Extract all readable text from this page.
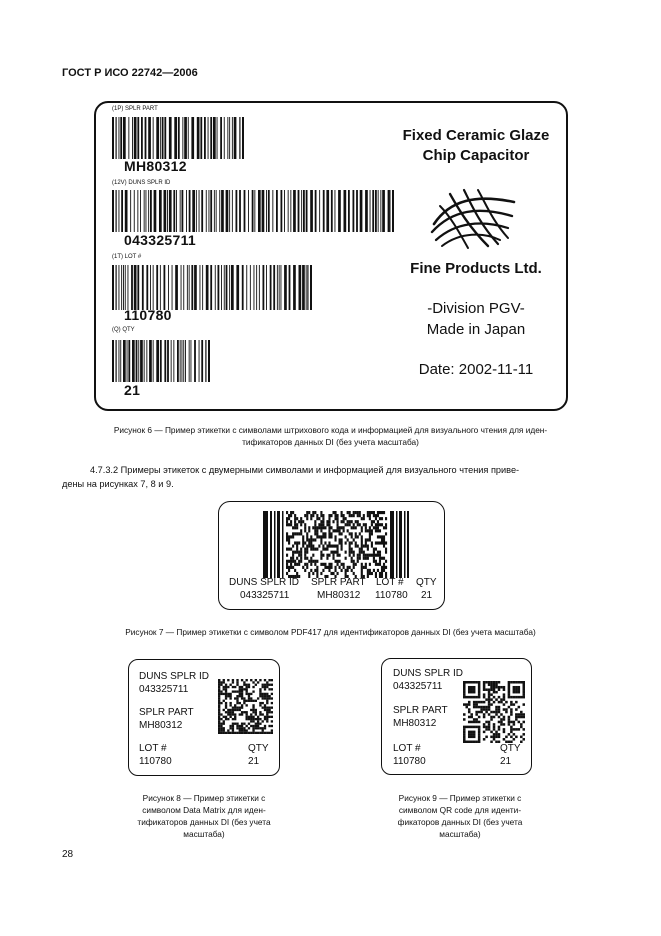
ГОСТ Р ИСО 22742—2006
(1P) SPLR PART
MH80312
(12V) DUNS SPLR ID
043325711
(1T) LOT #
110780
(Q) QTY
21
Fixed Ceramic Glaze
Chip Capacitor
Fine Products Ltd.
-Division PGV-
Made in Japan
Date: 2002-11-11
Рисунок 6 — Пример этикетки с символами штрихового кода и информацией для визуального чтения для иден-
тификаторов данных DI (без учета масштаба)
4.7.3.2 Примеры этикеток с двумерными символами и информацией для визуального чтения приве-
дены на рисунках 7, 8 и 9.
DUNS SPLR ID SPLR PART LOT # QTY
043325711	MH80312 110780 21
Рисунок 7 — Пример этикетки с символом PDF417 для идентификаторов данных DI (без учета масштаба)
DUNS SPLR ID
043325711
SPLR PART
MH80312
LOT #
110780
QTY
21
Рисунок 8 — Пример этикетки с
символом Data Matrix для иден-
тификаторов данных DI (без учета
масштаба)
DUNS SPLR ID
043325711
SPLR PART
MH80312
LOT #
110780
QTY
21
Рисунок 9 — Пример этикетки с
символом QR code для иденти-
фикаторов данных DI (без учета
масштаба)
28
